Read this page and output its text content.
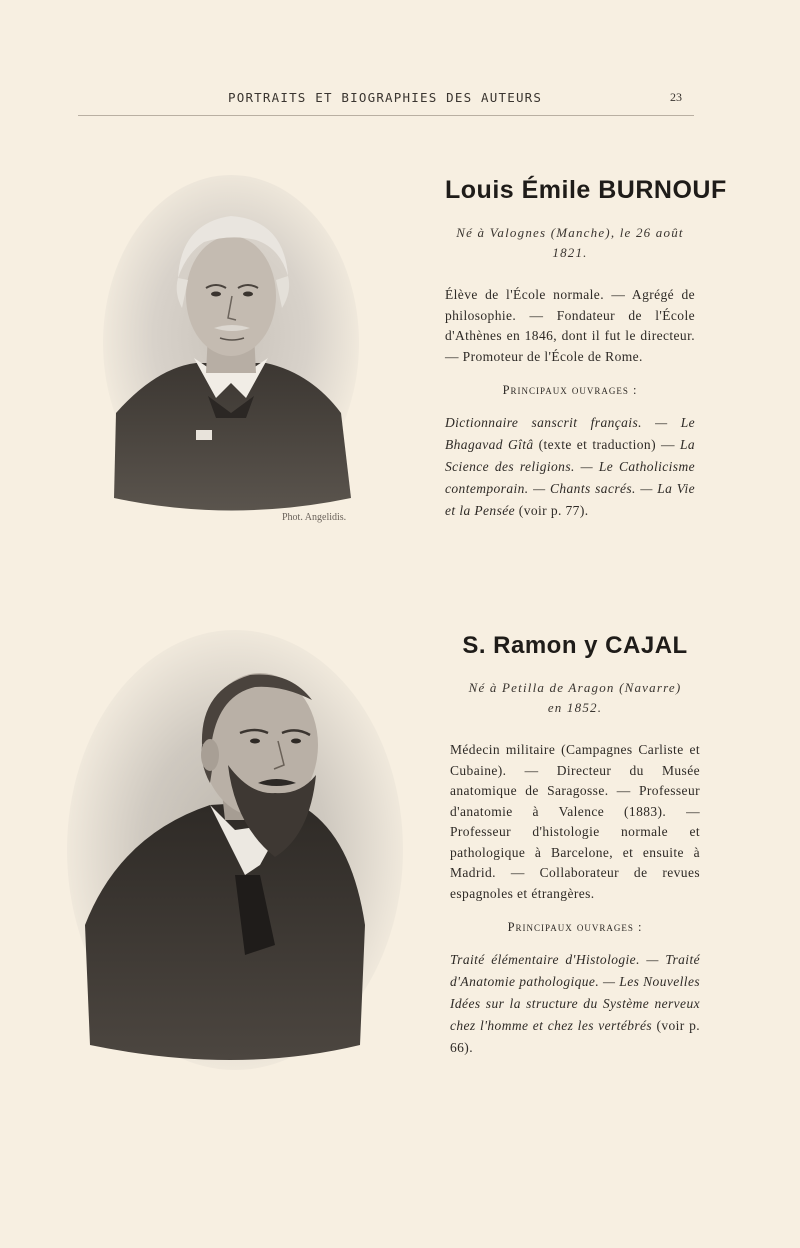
PORTRAITS ET BIOGRAPHIES DES AUTEURS	23
Phot. Angelidis.
Louis Émile BURNOUF
Né à Valognes (Manche), le 26 août 1821.
Élève de l'École normale. — Agrégé de philosophie. — Fondateur de l'École d'Athènes en 1846, dont il fut le directeur. — Promoteur de l'École de Rome.
Principaux ouvrages :
Dictionnaire sanscrit français. — Le Bhagavad Gîtâ (texte et traduction) — La Science des religions. — Le Catholicisme contemporain. — Chants sacrés. — La Vie et la Pensée (voir p. 77).
S. Ramon y CAJAL
Né à Petilla de Aragon (Navarre)
en 1852.
Médecin militaire (Campagnes Carliste et Cubaine). — Directeur du Musée anatomique de Saragosse. — Professeur d'anatomie à Valence (1883). — Professeur d'histologie normale et pathologique à Barcelone, et ensuite à Madrid. — Collaborateur de revues espagnoles et étrangères.
Principaux ouvrages :
Traité élémentaire d'Histologie. — Traité d'Anatomie pathologique. — Les Nouvelles Idées sur la structure du Système nerveux chez l'homme et chez les vertébrés (voir p. 66).
